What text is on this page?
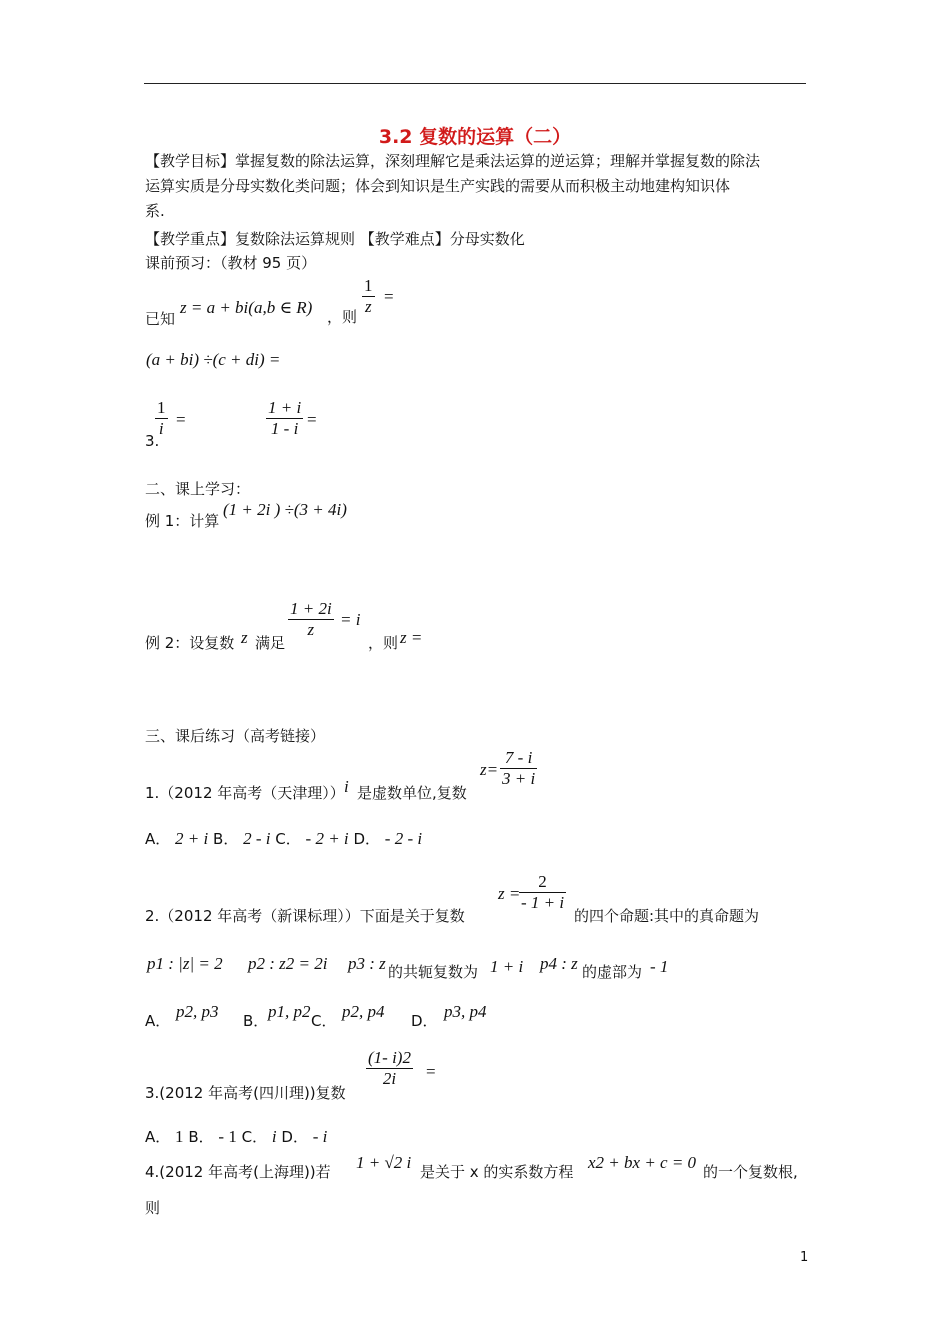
3.2 复数的运算（二）
【教学目标】掌握复数的除法运算，深刻理解它是乘法运算的逆运算；理解并掌握复数的除法
运算实质是分母实数化类问题；体会到知识是生产实践的需要从而积极主动地建构知识体
系.
【教学重点】复数除法运算规则 【教学难点】分母实数化
课前预习：（教材 95 页）
已知
z = a + bi(a,b ∈ R) ，则 $\frac{1}{z}$ =
(a + bi) ÷(c + di) =
3.
$\frac{1}{i}$ =	$\frac{1 + i}{1 - i}$ =
二、课上学习：
例 1：计算
(1 + 2i ) ÷(3 + 4i)
例 2：设复数 z 满足
$\frac{1 + 2i}{z} = i$
，则 z =
三、课后练习（高考链接）
1.（2012 年高考（天津理）） i 是虚数单位,复数
$z= \frac{7 - i}{3 + i}$
A． 2 + i B． 2 - i C． - 2 + i D． - 2 - i
2.（2012 年高考（新课标理））下面是关于复数
z =
$\frac{2}{- 1 + i}$
的四个命题:其中的真命题为
p1 : |z| = 2 p2 : z2 = 2i p3 : z 的共轭复数为 1 + i p4 : z 的虚部为 - 1
A． p2, p3 B． p1, p2 C． p2, p4 D． p3, p4
3.(2012 年高考(四川理))复数
$\frac{(1- i)2}{2i}$ =
A． 1 B． - 1 C． i D． - i
4.(2012 年高考(上海理))若 1 + √2 i 是关于 x 的实系数方程 x2 + bx + c = 0 的一个复数根,
则
1
